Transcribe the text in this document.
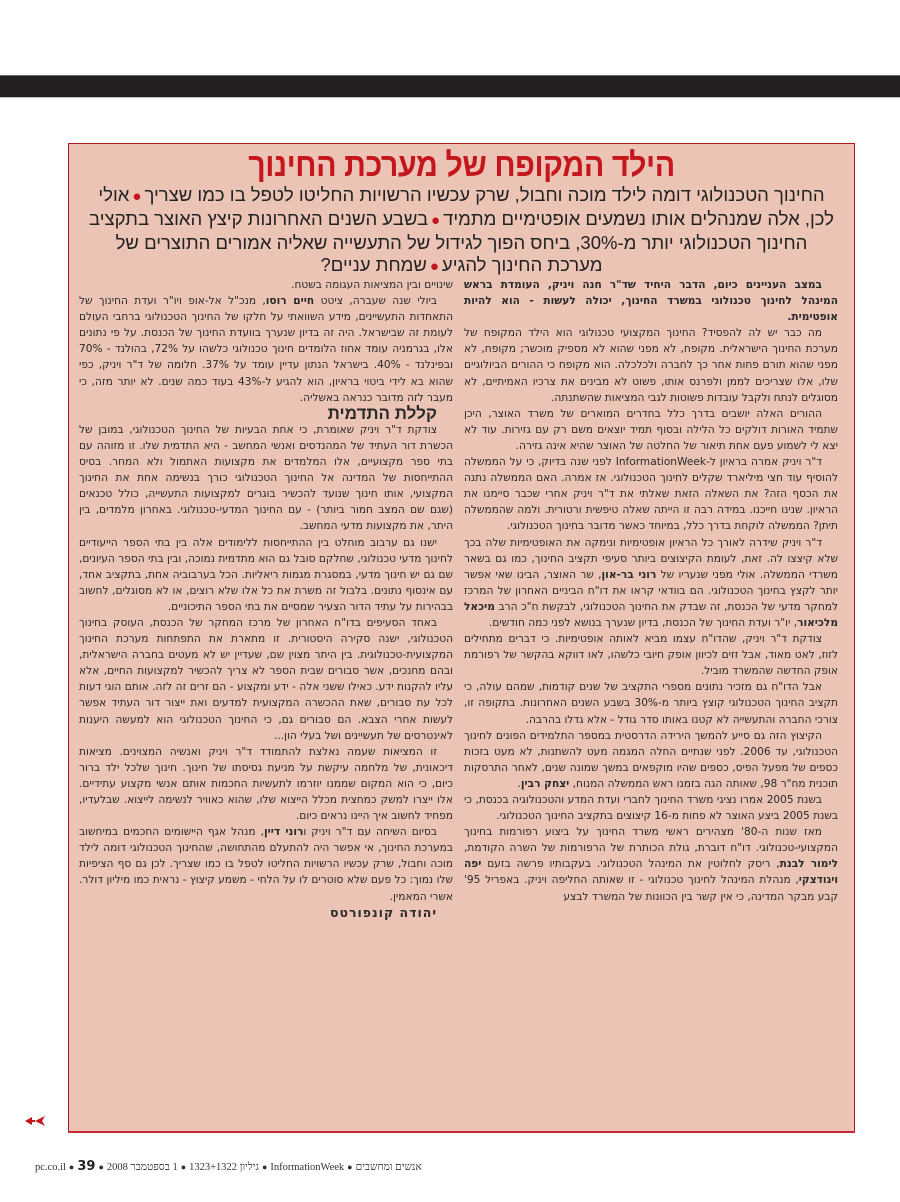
הילד המקופח של מערכת החינוך
החינוך הטכנולוגי דומה לילד מוכה וחבול, שרק עכשיו הרשויות החליטו לטפל בו כמו שצריך●אולי לכן, אלה שמנהלים אותו נשמעים אופטימיים מתמיד●בשבע השנים האחרונות קיצץ האוצר בתקציב החינוך הטכנולוגי יותר מ-30%, ביחס הפוך לגידול של התעשייה שאליה אמורים התוצרים של מערכת החינוך להגיע●שמחת עניים?

במצב העניינים כיום, הדבר היחיד שד"ר חנה ויניק, העומדת בראש המינהל לחינוך טכנולוגי במשרד החינוך, יכולה לעשות - הוא להיות אופטימית.

מה כבר יש לה להפסיד? החינוך המקצועי טכנולוגי הוא הילד המקופח של מערכת החינוך הישראלית. מקופח, לא מפני שהוא לא מספיק מוכשר; מקופח, לא מפני שהוא תורם פחות אחר כך לחברה ולכלכלה. הוא מקופח כי ההורים הביולוגיים שלו, אלו שצריכים לממן ולפרנס אותו, פשוט לא מבינים את צרכיו האמיתיים, לא מסוגלים לנתח ולקבל עובדות פשוטות לגבי המציאות שהשתנתה.

ההורים האלה יושבים בדרך כלל בחדרים המוארים של משרד האוצר, היכן שתמיד האורות דולקים כל הלילה ובסוף תמיד יוצאים משם רק עם גזירות. עוד לא יצא לי לשמוע פעם אחת תיאור של החלטה של האוצר שהיא אינה גזירה.

ד"ר ויניק אמרה בראיון ל-InformationWeek לפני שנה בדיוק, כי על הממשלה להוסיף עוד חצי מיליארד שקלים לחינוך הטכנולוגי. אז אמרה. האם הממשלה נתנה את הכסף הזה? את השאלה הזאת שאלתי את ד"ר ויניק אחרי שכבר סיימנו את הראיון. שנינו חייכנו. במידה רבה זו הייתה שאלה טיפשית ורטורית. ולמה שהממשלה תיתן? הממשלה לוקחת בדרך כלל, במיוחד כאשר מדובר בחינוך הטכנולוגי.

ד"ר ויניק שידרה לאורך כל הראיון אופטימיות ונימקה את האופטימיות שלה בכך שלא קיצצו לה. זאת, לעומת הקיצוצים ביותר סעיפי תקציב החינוך, כמו גם בשאר משרדי הממשלה. אולי מפני שנעריו של רוני בר-און, שר האוצר, הבינו שאי אפשר יותר לקצץ בחינוך הטכנולוגי. הם בוודאי קראו את דו"ח הביניים האחרון של המרכז למחקר מדעי של הכנסת, זה שבדק את החינוך הטכנולוגי, לבקשת ח"כ הרב מיכאל מלכיאור, יו"ר ועדת החינוך של הכנסת, בדיון שנערך בנושא לפני כמה חודשים.

צודקת ד"ר ויניק, שהדו"ח עצמו מביא לאותה אופטימיות. כי דברים מתחילים לזוז, לאט מאוד, אבל זזים לכיוון אופק חיובי כלשהו, לאו דווקא בהקשר של רפורמת אופק החדשה שהמשרד מוביל.

אבל הדו"ח גם מזכיר נתונים מספרי התקציב של שנים קודמות, שמהם עולה, כי תקציב החינוך הטכנולוגי קוצץ ביותר מ-30% בשבע השנים האחרונות. בתקופה זו, צורכי החברה והתעשייה לא קטנו באותו סדר גודל - אלא גדלו בהרבה.

הקיצוץ הזה גם סייע להמשך הירידה הדרסטית במספר התלמידים הפונים לחינוך הטכנולוגי, עד 2006. לפני שנתיים החלה המגמה מעט להשתנות, לא מעט בזכות כספים של מפעל הפיס, כספים שהיו מוקפאים במשך שמונה שנים, לאחר התרסקות תוכנית מח"ר 98, שאותה הגה בזמנו ראש הממשלה המנוח, יצחק רבין.

בשנת 2005 אמרו נציגי משרד החינוך לחברי ועדת המדע והטכנולוגיה בכנסת, כי בשנת 2005 ביצע האוצר לא פחות מ-16 קיצוצים בתקציב החינוך הטכנולוגי.

מאז שנות ה-80' מצהירים ראשי משרד החינוך על ביצוע רפורמות בחינוך המקצועי-טכנולוגי. דו"ח דוברת, גולת הכותרת של הרפורמות של השרה הקודמת, לימור לבנת, ריסק לחלוטין את המינהל הטכנולוגי. בעקבותיו פרשה בזעם יפה ויגודצקי, מנהלת המינהל לחינוך טכנולוגי - זו שאותה החליפה ויניק. באפריל 95' קבע מבקר המדינה, כי אין קשר בין הכוונות של המשרד לבצע

שינויים ובין המציאות העגומה בשטח.

ביולי שנה שעברה, ציטט חיים רוסו, מנכ"ל אל-אופ ויו"ר ועדת החינוך של התאחדות התעשיינים, מידע השוואתי על חלקו של החינוך הטכנולוגי ברחבי העולם לעומת זה שבישראל. היה זה בדיון שנערך בוועדת החינוך של הכנסת. על פי נתונים אלו, בגרמניה עומד אחוז הלומדים חינוך טכנולוגי כלשהו על 72%, בהולנד - 70% ובפינלנד - 40%. בישראל הנתון עדיין עומד על 37%. חלומה של ד"ר ויניק, כפי שהוא בא לידי ביטוי בראיון, הוא להגיע ל-43% בעוד כמה שנים. לא יותר מזה, כי מעבר לזה מדובר כנראה באשליה.

קללת התדמית

צודקת ד"ר ויניק שאומרת, כי אחת הבעיות של החינוך הטכנולוגי, במובן של הכשרת דור העתיד של המהנדסים ואנשי המחשב - היא התדמית שלו. זו מזוהה עם בתי ספר מקצועיים, אלו המלמדים את מקצועות האתמול ולא המחר. בסיס ההתייחסות של המדינה אל החינוך הטכנולוגי כורך בנשימה אחת את החינוך המקצועי, אותו חינוך שנועד להכשיר בוגרים למקצועות התעשייה, כולל טכנאים (שגם שם המצב חמור ביותר) - עם החינוך המדעי-טכנולוגי. באחרון מלמדים, בין היתר, את מקצועות מדעי המחשב.

ישנו גם ערבוב מוחלט בין ההתייחסות ללימודים אלה בין בתי הספר הייעודיים לחינוך מדעי טכנולוגי, שחלקם סובל גם הוא מתדמית נמוכה, ובין בתי הספר העיונים, שם גם יש חינוך מדעי, במסגרת מגמות ריאליות. הכל בערבוביה אחת, בתקציב אחד, עם אינסוף נתונים. בלבול זה משרת את כל אלו שלא רוצים, או לא מסוגלים, לחשוב בבהירות על עתיד הדור הצעיר שמסיים את בתי הספר התיכוניים.

באחד הסעיפים בדו"ח האחרון של מרכז המחקר של הכנסת, העוסק בחינוך הטכנולוגי, ישנה סקירה היסטורית. זו מתארת את התפתחות מערכת החינוך המקצועית-טכנולוגית. בין היתר מצוין שם, שעדיין יש לא מעטים בחברה הישראלית, ובהם מחנכים, אשר סבורים שבית הספר לא צריך להכשיר למקצועות החיים, אלא עליו להקנות ידע. כאילו ששני אלה - ידע ומקצוע - הם זרים זה לזה. אותם הוגי דעות לכל עת סבורים, שאת ההכשרה המקצועית למדעים ואת ייצור דור העתיד אפשר לעשות אחרי הצבא. הם סבורים גם, כי החינוך הטכנולוגי הוא למעשה היענות לאינטרסים של תעשיינים ושל בעלי הון...

זו המציאות שעמה נאלצת להתמודד ד"ר ויניק ואנשיה המצוינים. מציאות דיכאונית, של מלחמה עיקשת על מניעת גסיסתו של חינוך. חינוך שלכל ילד ברור כיום, כי הוא המקום שממנו יוזרמו לתעשיות החכמות אותם אנשי מקצוע עתידיים. אלו ייצרו למשק כמחצית מכלל הייצוא שלו, שהוא כאוויר לנשימה לייצוא. שבלעדיו, מפחיד לחשוב איך היינו נראים כיום.

בסיום השיחה עם ד"ר ויניק ורוני דיין, מנהל אגף היישומים החכמים במיחשוב במערכת החינוך, אי אפשר היה להתעלם מהתחושה, שהחינוך הטכנולוגי דומה לילד מוכה וחבול, שרק עכשיו הרשויות החליטו לטפל בו כמו שצריך. לכן גם סף הציפיות שלו נמוך: כל פעם שלא סוטרים לו על הלחי - משמע קיצוץ - נראית כמו מיליון דולר. אשרי המאמין.

יהודה קונפורטס

אנשים ומחשבים●InformationWeek●גיליון 1323+1322●1 בספטמבר 2008●pc.co.il ● 39
